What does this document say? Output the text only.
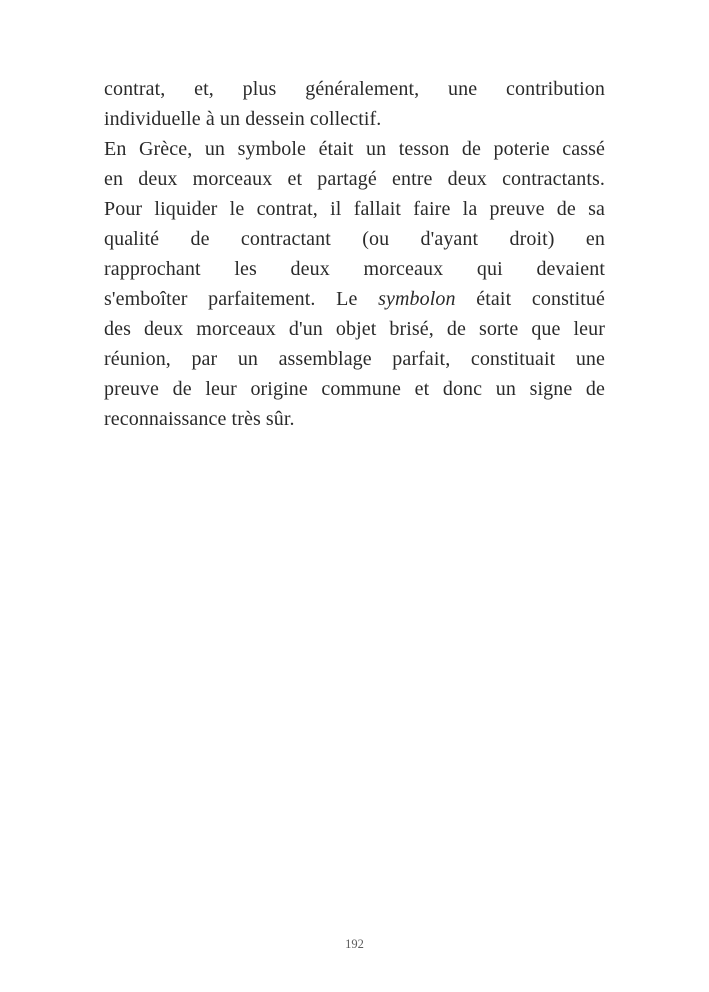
contrat, et, plus généralement, une contribution
individuelle à un dessein collectif.
En Grèce, un symbole était un tesson de poterie cassé
en deux morceaux et partagé entre deux contractants.
Pour liquider le contrat, il fallait faire la preuve de sa
qualité de contractant (ou d'ayant droit) en
rapprochant les deux morceaux qui devaient
s'emboîter parfaitement. Le symbolon était constitué
des deux morceaux d'un objet brisé, de sorte que leur
réunion, par un assemblage parfait, constituait une
preuve de leur origine commune et donc un signe de
reconnaissance très sûr.
192
